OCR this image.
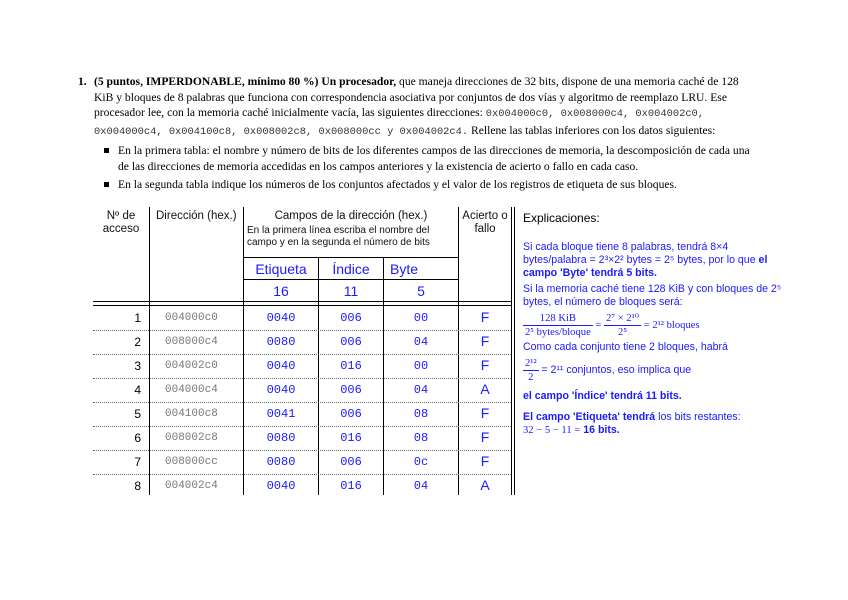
1. (5 puntos, IMPERDONABLE, mínimo 80 %) Un procesador, que maneja direcciones de 32 bits, dispone de una memoria caché de 128 KiB y bloques de 8 palabras que funciona con correspondencia asociativa por conjuntos de dos vías y algoritmo de reemplazo LRU. Ese procesador lee, con la memoria caché inicialmente vacía, las siguientes direcciones: 0x004000c0, 0x008000c4, 0x004002c0, 0x004000c4, 0x004100c8, 0x008002c8, 0x008000cc y 0x004002c4. Rellene las tablas inferiores con los datos siguientes:
En la primera tabla: el nombre y número de bits de los diferentes campos de las direcciones de memoria, la descomposición de cada una de las direcciones de memoria accedidas en los campos anteriores y la existencia de acierto o fallo en cada caso.
En la segunda tabla indique los números de los conjuntos afectados y el valor de los registros de etiqueta de sus bloques.
Nº de acceso
Dirección (hex.)	Campos de la dirección (hex.)
En la primera línea escriba el nombre del campo y en la segunda el número de bits
Acierto o fallo
Etiqueta	Índice	Byte
16	11	5
1 004000c0	0040	006	00	F
2 008000c4	0080	006	04	F
3 004002c0	0040	016	00	F
4 004000c4	0040	006	04	A
5 004100c8	0041	006	08	F
6 008002c8	0080	016	08	F
7 008000cc	0080	006	0c	F
8 004002c4	0040	016	04	A
Explicaciones:

Si cada bloque tiene 8 palabras, tendrá 8×4 bytes/palabra = 2³×2² bytes = 2⁵ bytes, por lo que el campo 'Byte' tendrá 5 bits.

Si la memoria caché tiene 128 KiB y con bloques de 2⁵ bytes, el número de bloques será:

$\frac{\text{128 KiB}}{\text{2⁵ bytes/bloque}} = \frac{\text{2⁷ × 2¹⁰}}{\text{2⁵}} = 2^{12}$ bloques

Como cada conjunto tiene 2 bloques, habrá

$\frac{\text{2¹²}}{2} = 2^{11}$ conjuntos, eso implica que

el campo 'Índice' tendrá 11 bits.

El campo 'Etiqueta' tendrá los bits restantes:
32 − 5 − 11 = 16 bits.
